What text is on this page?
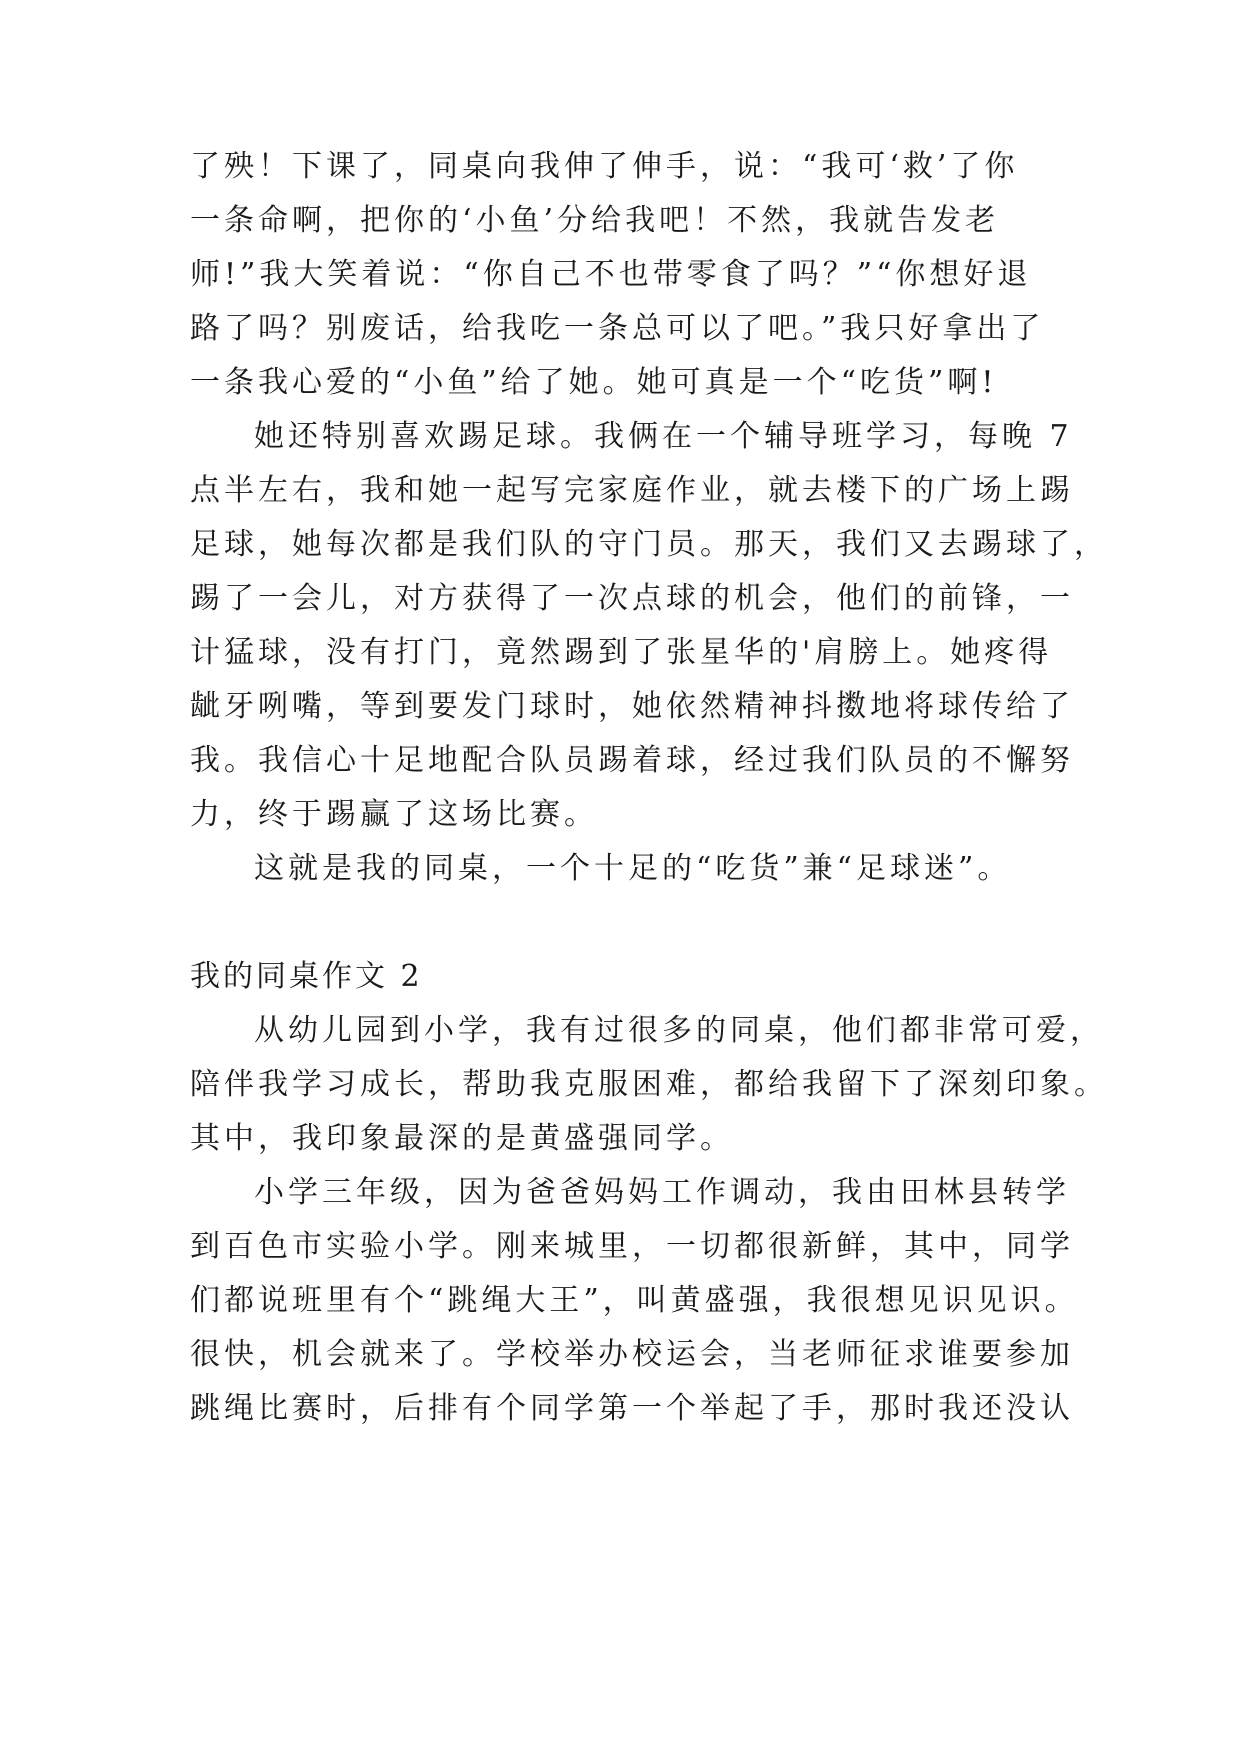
了殃！下课了，同桌向我伸了伸手，说：“我可‘救’了你
一条命啊，把你的‘小鱼’分给我吧！不然，我就告发老
师!”我大笑着说：“你自己不也带零食了吗？”“你想好退
路了吗？别废话，给我吃一条总可以了吧。”我只好拿出了
一条我心爱的“小鱼”给了她。她可真是一个“吃货”啊!
她还特别喜欢踢足球。我俩在一个辅导班学习，每晚 7
点半左右，我和她一起写完家庭作业，就去楼下的广场上踢
足球，她每次都是我们队的守门员。那天，我们又去踢球了，
踢了一会儿，对方获得了一次点球的机会，他们的前锋，一
计猛球，没有打门，竟然踢到了张星华的'肩膀上。她疼得
龇牙咧嘴，等到要发门球时，她依然精神抖擞地将球传给了
我。我信心十足地配合队员踢着球，经过我们队员的不懈努
力，终于踢赢了这场比赛。
这就是我的同桌，一个十足的“吃货”兼“足球迷”。
我的同桌作文 2
从幼儿园到小学，我有过很多的同桌，他们都非常可爱，
陪伴我学习成长，帮助我克服困难，都给我留下了深刻印象。
其中，我印象最深的是黄盛强同学。
小学三年级，因为爸爸妈妈工作调动，我由田林县转学
到百色市实验小学。刚来城里，一切都很新鲜，其中，同学
们都说班里有个“跳绳大王”，叫黄盛强，我很想见识见识。
很快，机会就来了。学校举办校运会，当老师征求谁要参加
跳绳比赛时，后排有个同学第一个举起了手，那时我还没认
